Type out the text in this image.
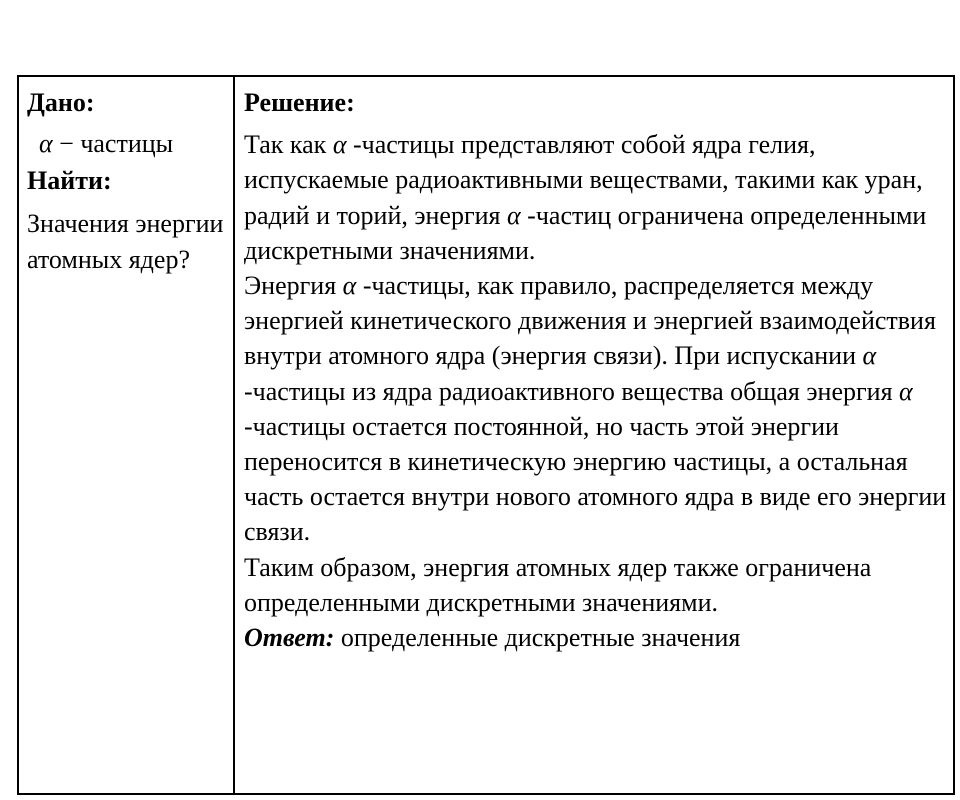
Дано:
α − частицы
Найти:
Значения энергии атомных ядер?
Решение:

Так как α -частицы представляют собой ядра гелия, испускаемые радиоактивными веществами, такими как уран, радий и торий, энергия α -частиц ограничена определенными дискретными значениями.

Энергия α -частицы, как правило, распределяется между энергией кинетического движения и энергией взаимодействия внутри атомного ядра (энергия связи). При испускании α -частицы из ядра радиоактивного вещества общая энергия α -частицы остается постоянной, но часть этой энергии переносится в кинетическую энергию частицы, а остальная часть остается внутри нового атомного ядра в виде его энергии связи.

Таким образом, энергия атомных ядер также ограничена определенными дискретными значениями.

Ответ: определенные дискретные значения
